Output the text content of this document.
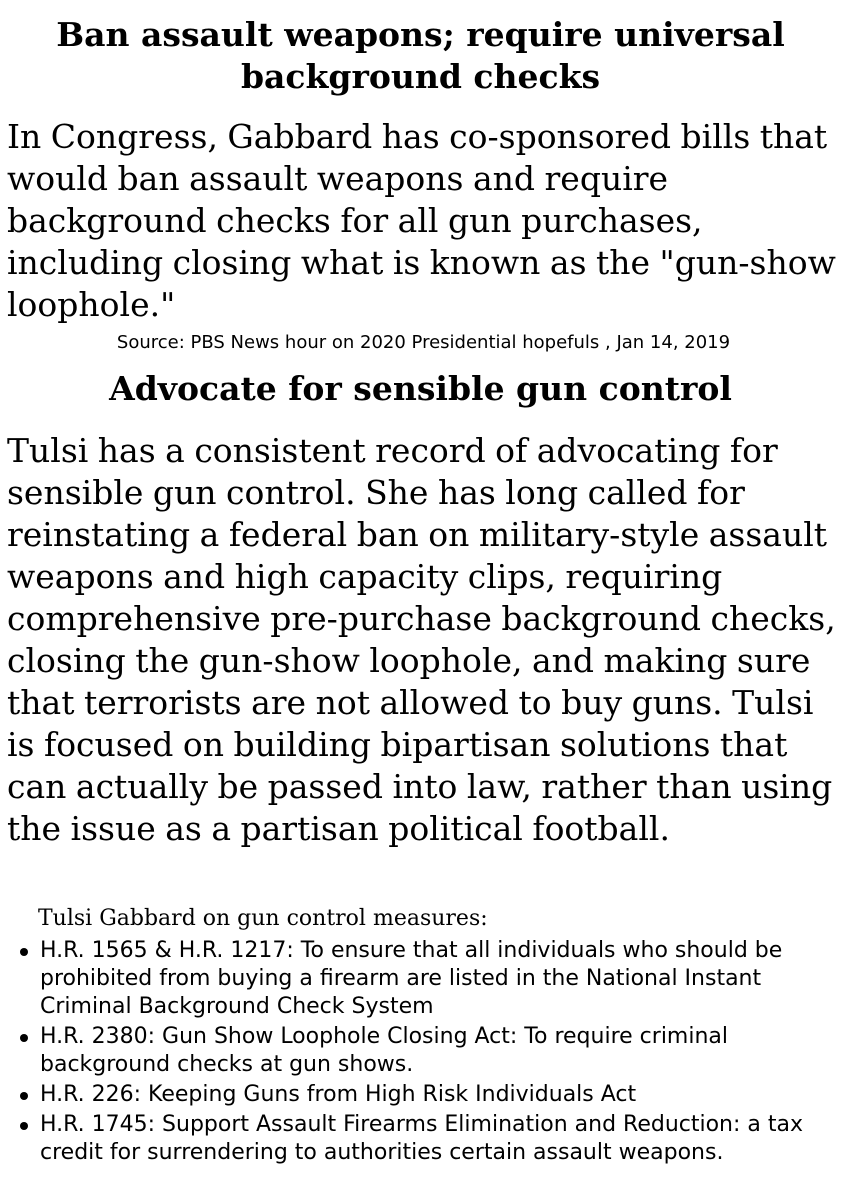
Ban assault weapons; require universal background checks

In Congress, Gabbard has co-sponsored bills that would ban assault weapons and require background checks for all gun purchases, including closing what is known as the "gun-show loophole."

Source: PBS News hour on 2020 Presidential hopefuls , Jan 14, 2019
Advocate for sensible gun control

Tulsi has a consistent record of advocating for sensible gun control. She has long called for reinstating a federal ban on military-style assault weapons and high capacity clips, requiring comprehensive pre-purchase background checks, closing the gun-show loophole, and making sure that terrorists are not allowed to buy guns. Tulsi is focused on building bipartisan solutions that can actually be passed into law, rather than using the issue as a partisan political football.

Tulsi Gabbard on gun control measures:
H.R. 1565 & H.R. 1217: To ensure that all individuals who should be prohibited from buying a firearm are listed in the National Instant Criminal Background Check System
H.R. 2380: Gun Show Loophole Closing Act: To require criminal background checks at gun shows.
H.R. 226: Keeping Guns from High Risk Individuals Act
H.R. 1745: Support Assault Firearms Elimination and Reduction: a tax credit for surrendering to authorities certain assault weapons.
